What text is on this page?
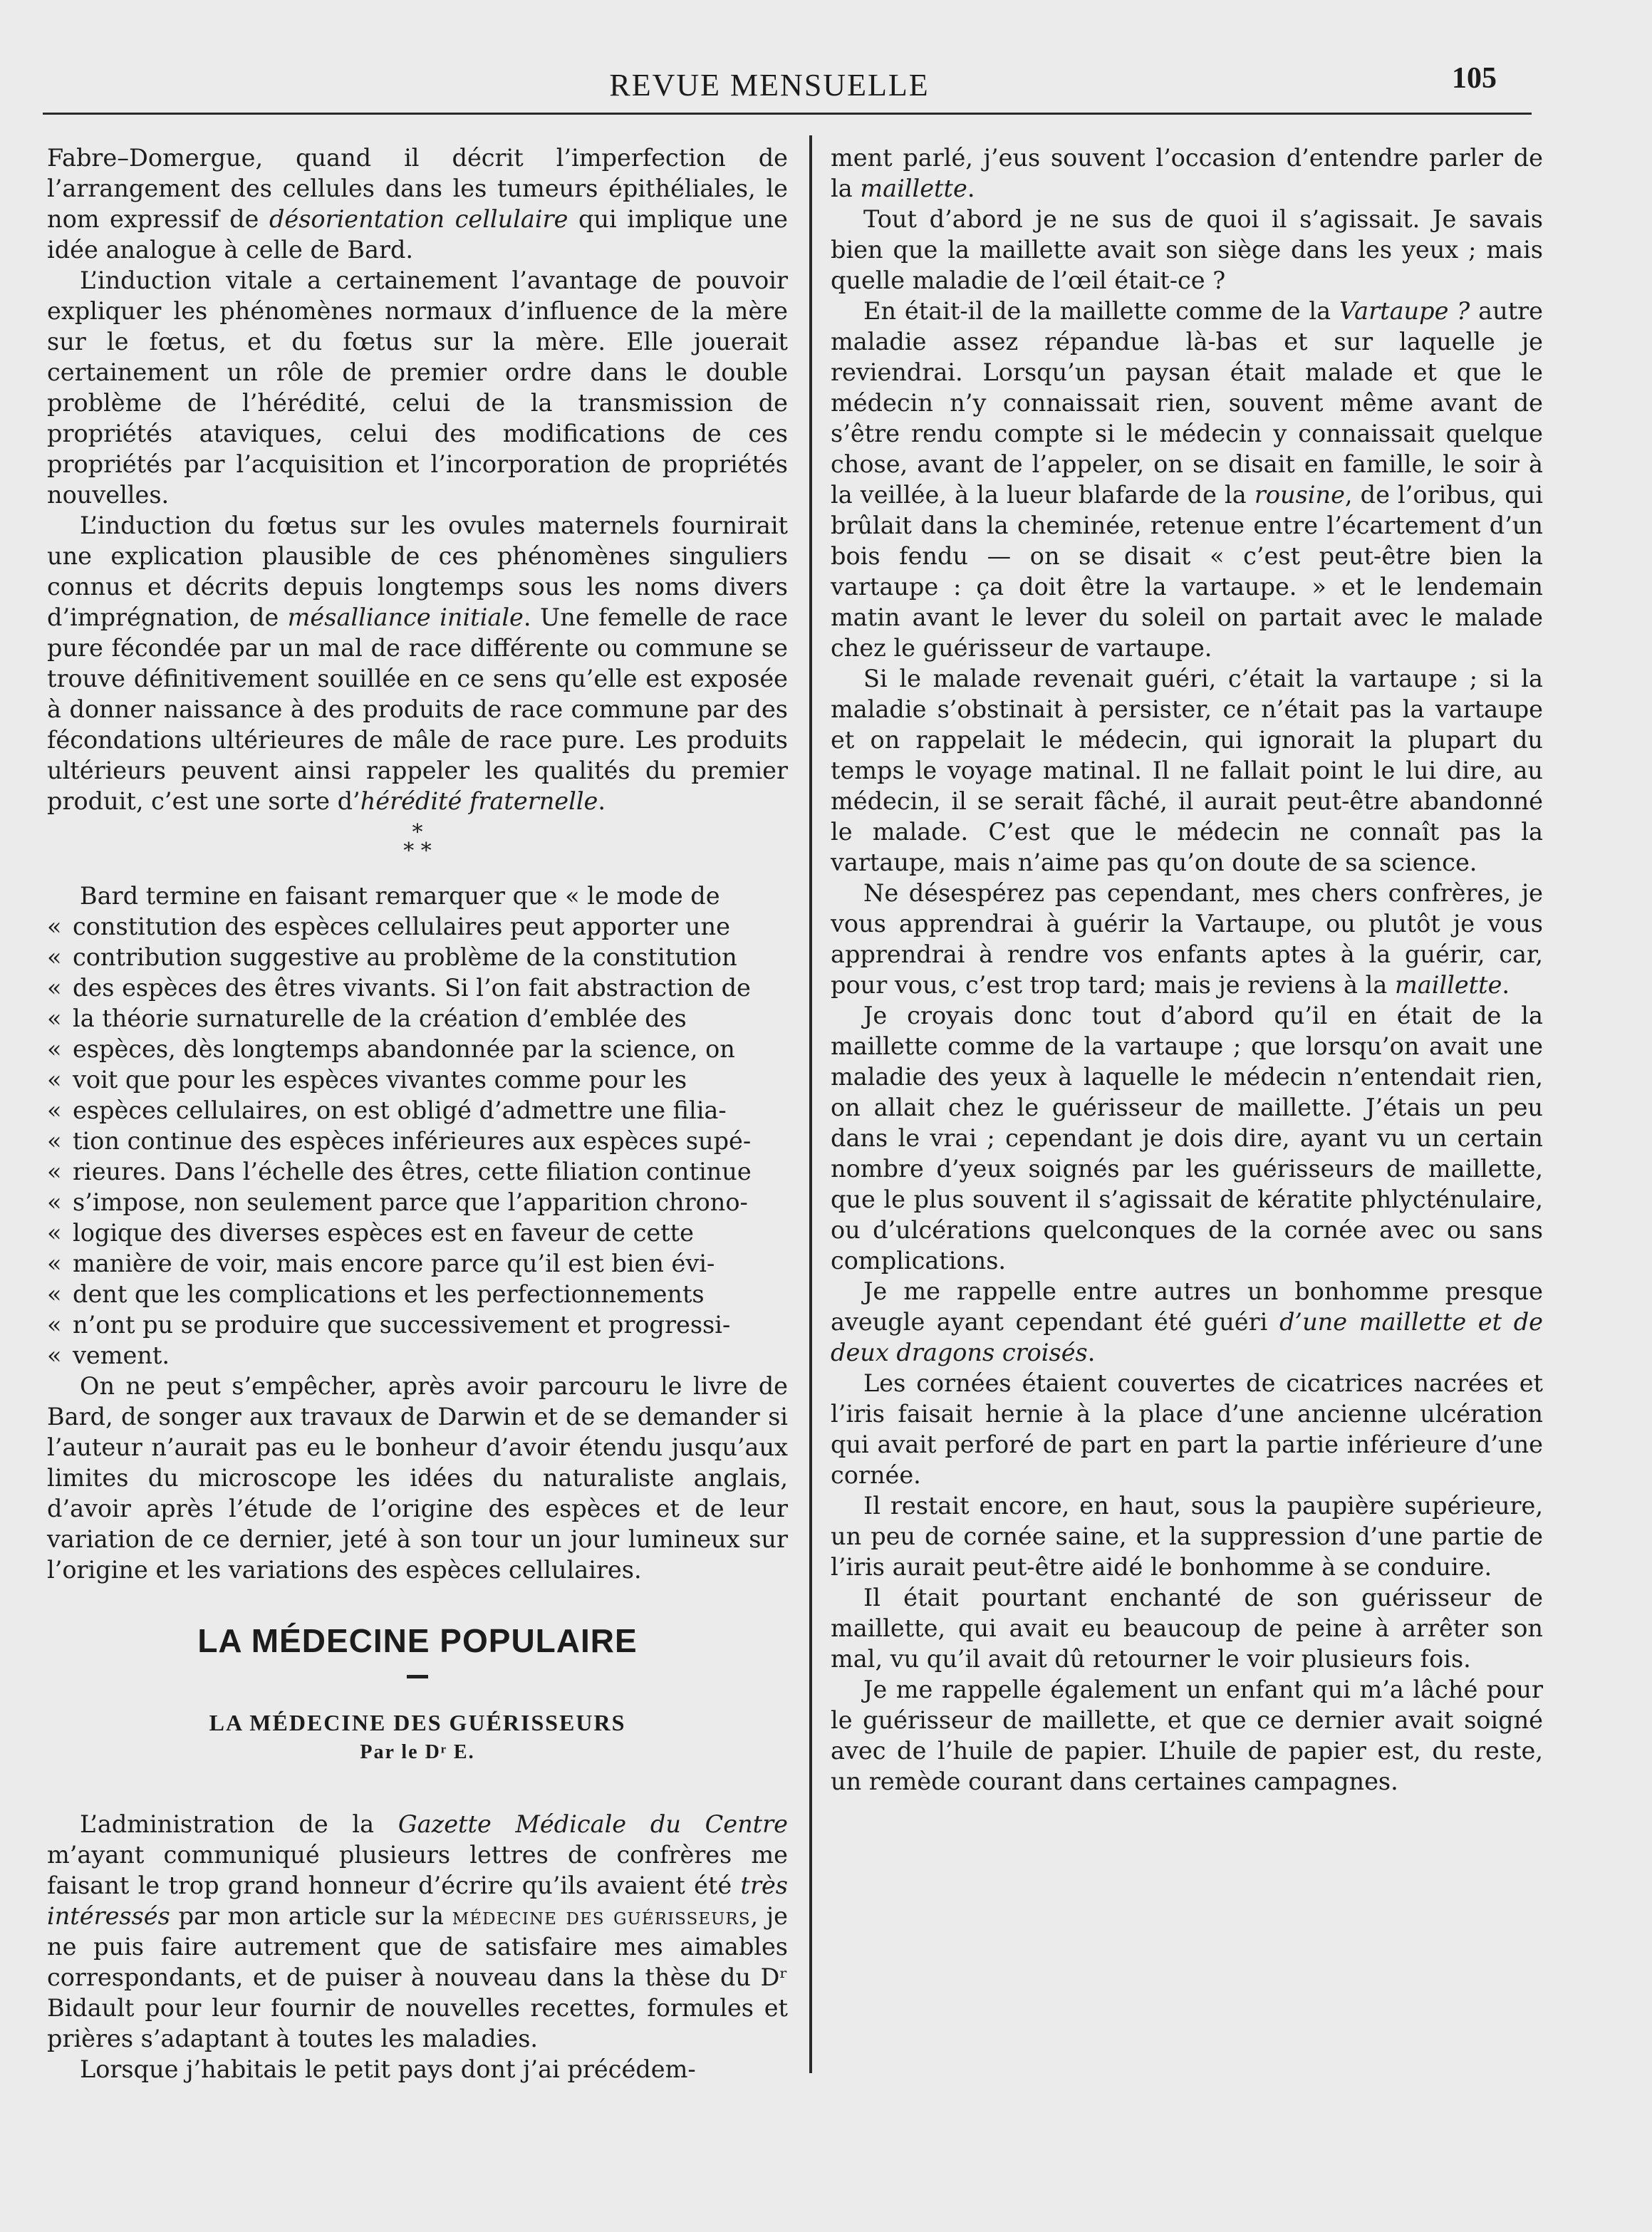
REVUE MENSUELLE	105

Fabre–Domergue, quand il décrit l’imperfection de l’arrangement des cellules dans les tumeurs épithéliales, le nom expressif de désorientation cellulaire qui implique une idée analogue à celle de Bard.

L’induction vitale a certainement l’avantage de pouvoir expliquer les phénomènes normaux d’influence de la mère sur le fœtus, et du fœtus sur la mère. Elle jouerait certainement un rôle de premier ordre dans le double problème de l’hérédité, celui de la transmission de propriétés ataviques, celui des modifications de ces propriétés par l’acquisition et l’incorporation de propriétés nouvelles.

L’induction du fœtus sur les ovules maternels fournirait une explication plausible de ces phénomènes singuliers connus et décrits depuis longtemps sous les noms divers d’imprégnation, de mésalliance initiale. Une femelle de race pure fécondée par un mal de race différente ou commune se trouve définitivement souillée en ce sens qu’elle est exposée à donner naissance à des produits de race commune par des fécondations ultérieures de mâle de race pure. Les produits ultérieurs peuvent ainsi rappeler les qualités du premier produit, c’est une sorte d’hérédité fraternelle.

*
* *
Bard termine en faisant remarquer que « le mode de
« constitution des espèces cellulaires peut apporter une
« contribution suggestive au problème de la constitution
« des espèces des êtres vivants. Si l’on fait abstraction de
« la théorie surnaturelle de la création d’emblée des
« espèces, dès longtemps abandonnée par la science, on
« voit que pour les espèces vivantes comme pour les
« espèces cellulaires, on est obligé d’admettre une filia-
« tion continue des espèces inférieures aux espèces supé-
« rieures. Dans l’échelle des êtres, cette filiation continue
« s’impose, non seulement parce que l’apparition chrono-
« logique des diverses espèces est en faveur de cette
« manière de voir, mais encore parce qu’il est bien évi-
« dent que les complications et les perfectionnements
« n’ont pu se produire que successivement et progressi-
« vement.

On ne peut s’empêcher, après avoir parcouru le livre de Bard, de songer aux travaux de Darwin et de se demander si l’auteur n’aurait pas eu le bonheur d’avoir étendu jusqu’aux limites du microscope les idées du naturaliste anglais, d’avoir après l’étude de l’origine des espèces et de leur variation de ce dernier, jeté à son tour un jour lumineux sur l’origine et les variations des espèces cellulaires.

LA MÉDECINE POPULAIRE
LA MÉDECINE DES GUÉRISSEURS
Par le Dʳ E.

L’administration de la Gazette Médicale du Centre m’ayant communiqué plusieurs lettres de confrères me faisant le trop grand honneur d’écrire qu’ils avaient été très intéressés par mon article sur la médecine des guérisseurs, je ne puis faire autrement que de satisfaire mes aimables correspondants, et de puiser à nouveau dans la thèse du Dʳ Bidault pour leur fournir de nouvelles recettes, formules et prières s’adaptant à toutes les maladies.

Lorsque j’habitais le petit pays dont j’ai précédem-

ment parlé, j’eus souvent l’occasion d’entendre parler de la maillette.

Tout d’abord je ne sus de quoi il s’agissait. Je savais bien que la maillette avait son siège dans les yeux ; mais quelle maladie de l’œil était-ce ?

En était-il de la maillette comme de la Vartaupe ? autre maladie assez répandue là-bas et sur laquelle je reviendrai. Lorsqu’un paysan était malade et que le médecin n’y connaissait rien, souvent même avant de s’être rendu compte si le médecin y connaissait quelque chose, avant de l’appeler, on se disait en famille, le soir à la veillée, à la lueur blafarde de la rousine, de l’oribus, qui brûlait dans la cheminée, retenue entre l’écartement d’un bois fendu — on se disait « c’est peut-être bien la vartaupe : ça doit être la vartaupe. » et le lendemain matin avant le lever du soleil on partait avec le malade chez le guérisseur de vartaupe.

Si le malade revenait guéri, c’était la vartaupe ; si la maladie s’obstinait à persister, ce n’était pas la vartaupe et on rappelait le médecin, qui ignorait la plupart du temps le voyage matinal. Il ne fallait point le lui dire, au médecin, il se serait fâché, il aurait peut-être abandonné le malade. C’est que le médecin ne connaît pas la vartaupe, mais n’aime pas qu’on doute de sa science.

Ne désespérez pas cependant, mes chers confrères, je vous apprendrai à guérir la Vartaupe, ou plutôt je vous apprendrai à rendre vos enfants aptes à la guérir, car, pour vous, c’est trop tard; mais je reviens à la maillette.

Je croyais donc tout d’abord qu’il en était de la maillette comme de la vartaupe ; que lorsqu’on avait une maladie des yeux à laquelle le médecin n’entendait rien, on allait chez le guérisseur de maillette. J’étais un peu dans le vrai ; cependant je dois dire, ayant vu un certain nombre d’yeux soignés par les guérisseurs de maillette, que le plus souvent il s’agissait de kératite phlycténulaire, ou d’ulcérations quelconques de la cornée avec ou sans complications.

Je me rappelle entre autres un bonhomme presque aveugle ayant cependant été guéri d’une maillette et de deux dragons croisés.

Les cornées étaient couvertes de cicatrices nacrées et l’iris faisait hernie à la place d’une ancienne ulcération qui avait perforé de part en part la partie inférieure d’une cornée.

Il restait encore, en haut, sous la paupière supérieure, un peu de cornée saine, et la suppression d’une partie de l’iris aurait peut-être aidé le bonhomme à se conduire.

Il était pourtant enchanté de son guérisseur de maillette, qui avait eu beaucoup de peine à arrêter son mal, vu qu’il avait dû retourner le voir plusieurs fois.

Je me rappelle également un enfant qui m’a lâché pour le guérisseur de maillette, et que ce dernier avait soigné avec de l’huile de papier. L’huile de papier est, du reste, un remède courant dans certaines campagnes.
